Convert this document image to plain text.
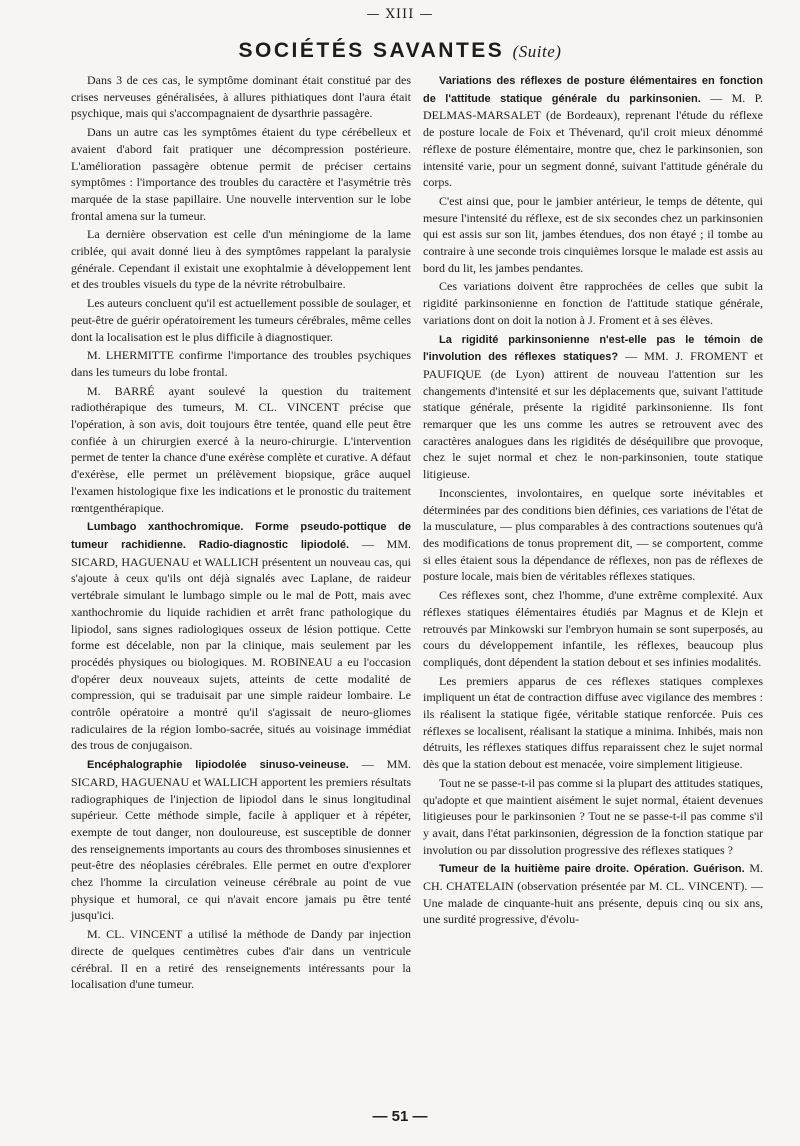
— XIII —
SOCIÉTÉS SAVANTES (Suite)

Dans 3 de ces cas, le symptôme dominant était constitué par des crises nerveuses généralisées, à allures pithiatiques dont l'aura était psychique, mais qui s'accompagnaient de dysarthrie passagère.

Dans un autre cas les symptômes étaient du type cérébelleux et avaient d'abord fait pratiquer une décompression postérieure. L'amélioration passagère obtenue permit de préciser certains symptômes : l'importance des troubles du caractère et l'asymétrie très marquée de la stase papillaire. Une nouvelle intervention sur le lobe frontal amena sur la tumeur.

La dernière observation est celle d'un méningiome de la lame criblée, qui avait donné lieu à des symptômes rappelant la paralysie générale. Cependant il existait une exophtalmie à développement lent et des troubles visuels du type de la névrite rétrobulbaire.

Les auteurs concluent qu'il est actuellement possible de soulager, et peut-être de guérir opératoirement les tumeurs cérébrales, même celles dont la localisation est le plus difficile à diagnostiquer.

M. LHERMITTE confirme l'importance des troubles psychiques dans les tumeurs du lobe frontal.

M. BARRÉ ayant soulevé la question du traitement radiothérapique des tumeurs, M. CL. VINCENT précise que l'opération, à son avis, doit toujours être tentée, quand elle peut être confiée à un chirurgien exercé à la neuro-chirurgie. L'intervention permet de tenter la chance d'une exérèse complète et curative. A défaut d'exérèse, elle permet un prélèvement biopsique, grâce auquel l'examen histologique fixe les indications et le pronostic du traitement rœntgenthérapique.

Lumbago xanthochromique. Forme pseudo-pottique de tumeur rachidienne. Radio-diagnostic lipiodolé. — MM. SICARD, HAGUENAU et WALLICH présentent un nouveau cas, qui s'ajoute à ceux qu'ils ont déjà signalés avec Laplane, de raideur vertébrale simulant le lumbago simple ou le mal de Pott, mais avec xanthochromie du liquide rachidien et arrêt franc pathologique du lipiodol, sans signes radiologiques osseux de lésion pottique. Cette forme est décelable, non par la clinique, mais seulement par les procédés physiques ou biologiques. M. ROBINEAU a eu l'occasion d'opérer deux nouveaux sujets, atteints de cette modalité de compression, qui se traduisait par une simple raideur lombaire. Le contrôle opératoire a montré qu'il s'agissait de neuro-gliomes radiculaires de la région lombo-sacrée, situés au voisinage immédiat des trous de conjugaison.

Encéphalographie lipiodolée sinuso-veineuse. — MM. SICARD, HAGUENAU et WALLICH apportent les premiers résultats radiographiques de l'injection de lipiodol dans le sinus longitudinal supérieur. Cette méthode simple, facile à appliquer et à répéter, exempte de tout danger, non douloureuse, est susceptible de donner des renseignements importants au cours des thromboses sinusiennes et peut-être des néoplasies cérébrales. Elle permet en outre d'explorer chez l'homme la circulation veineuse cérébrale au point de vue physique et humoral, ce qui n'avait encore jamais pu être tenté jusqu'ici.

M. CL. VINCENT a utilisé la méthode de Dandy par injection directe de quelques centimètres cubes d'air dans un ventricule cérébral. Il en a retiré des renseignements intéressants pour la localisation d'une tumeur.

Variations des réflexes de posture élémentaires en fonction de l'attitude statique générale du parkinsonien. — M. P. DELMAS-MARSALET (de Bordeaux), reprenant l'étude du réflexe de posture locale de Foix et Thévenard, qu'il croit mieux dénommé réflexe de posture élémentaire, montre que, chez le parkinsonien, son intensité varie, pour un segment donné, suivant l'attitude générale du corps.

C'est ainsi que, pour le jambier antérieur, le temps de détente, qui mesure l'intensité du réflexe, est de six secondes chez un parkinsonien qui est assis sur son lit, jambes étendues, dos non étayé ; il tombe au contraire à une seconde trois cinquièmes lorsque le malade est assis au bord du lit, les jambes pendantes.

Ces variations doivent être rapprochées de celles que subit la rigidité parkinsonienne en fonction de l'attitude statique générale, variations dont on doit la notion à J. Froment et à ses élèves.

La rigidité parkinsonienne n'est-elle pas le témoin de l'involution des réflexes statiques? — MM. J. FROMENT et PAUFIQUE (de Lyon) attirent de nouveau l'attention sur les changements d'intensité et sur les déplacements que, suivant l'attitude statique générale, présente la rigidité parkinsonienne. Ils font remarquer que les uns comme les autres se retrouvent avec des caractères analogues dans les rigidités de déséquilibre que provoque, chez le sujet normal et chez le non-parkinsonien, toute statique litigieuse.

Inconscientes, involontaires, en quelque sorte inévitables et déterminées par des conditions bien définies, ces variations de l'état de la musculature, — plus comparables à des contractions soutenues qu'à des modifications de tonus proprement dit, — se comportent, comme si elles étaient sous la dépendance de réflexes, non pas de réflexes de posture locale, mais bien de véritables réflexes statiques.

Ces réflexes sont, chez l'homme, d'une extrême complexité. Aux réflexes statiques élémentaires étudiés par Magnus et de Klejn et retrouvés par Minkowski sur l'embryon humain se sont superposés, au cours du développement infantile, les réflexes, beaucoup plus compliqués, dont dépendent la station debout et ses infinies modalités.

Les premiers apparus de ces réflexes statiques complexes impliquent un état de contraction diffuse avec vigilance des membres : ils réalisent la statique figée, véritable statique renforcée. Puis ces réflexes se localisent, réalisant la statique a minima. Inhibés, mais non détruits, les réflexes statiques diffus reparaissent chez le sujet normal dès que la station debout est menacée, voire simplement litigieuse.

Tout ne se passe-t-il pas comme si la plupart des attitudes statiques, qu'adopte et que maintient aisément le sujet normal, étaient devenues litigieuses pour le parkinsonien ? Tout ne se passe-t-il pas comme s'il y avait, dans l'état parkinsonien, dégression de la fonction statique par involution ou par dissolution progressive des réflexes statiques ?

Tumeur de la huitième paire droite. Opération. Guérison. M. CH. CHATELAIN (observation présentée par M. CL. VINCENT). — Une malade de cinquante-huit ans présente, depuis cinq ou six ans, une surdité progressive, d'évolu-

— 51 —
